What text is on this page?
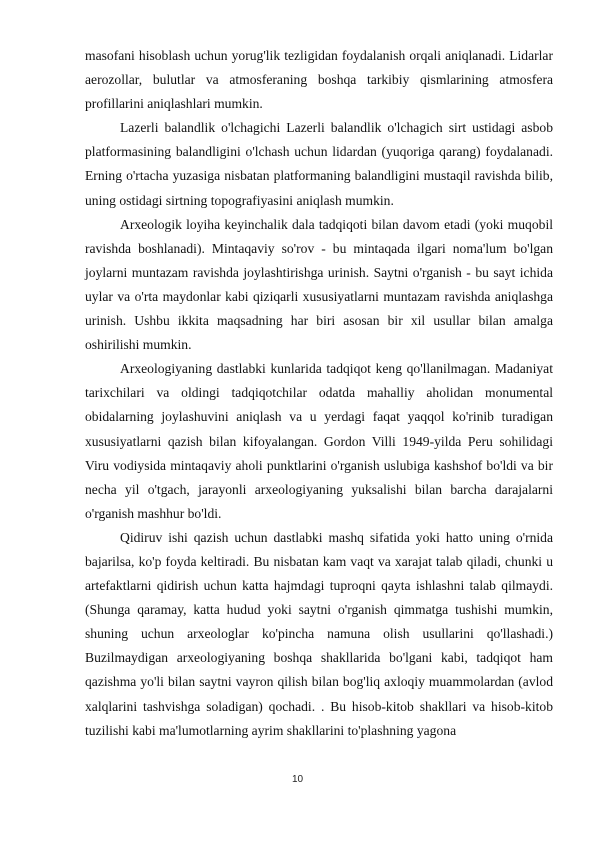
masofani hisoblash uchun yorug'lik tezligidan foydalanish orqali aniqlanadi. Lidarlar aerozollar, bulutlar va atmosferaning boshqa tarkibiy qismlarining atmosfera profillarini aniqlashlari mumkin.

Lazerli balandlik o'lchagichi Lazerli balandlik o'lchagich sirt ustidagi asbob platformasining balandligini o'lchash uchun lidardan (yuqoriga qarang) foydalanadi. Erning o'rtacha yuzasiga nisbatan platformaning balandligini mustaqil ravishda bilib, uning ostidagi sirtning topografiyasini aniqlash mumkin.

Arxeologik loyiha keyinchalik dala tadqiqoti bilan davom etadi (yoki muqobil ravishda boshlanadi). Mintaqaviy so'rov - bu mintaqada ilgari noma'lum bo'lgan joylarni muntazam ravishda joylashtirishga urinish. Saytni o'rganish - bu sayt ichida uylar va o'rta maydonlar kabi qiziqarli xususiyatlarni muntazam ravishda aniqlashga urinish. Ushbu ikkita maqsadning har biri asosan bir xil usullar bilan amalga oshirilishi mumkin.

Arxeologiyaning dastlabki kunlarida tadqiqot keng qo'llanilmagan. Madaniyat tarixchilari va oldingi tadqiqotchilar odatda mahalliy aholidan monumental obidalarning joylashuvini aniqlash va u yerdagi faqat yaqqol ko'rinib turadigan xususiyatlarni qazish bilan kifoyalangan. Gordon Villi 1949-yilda Peru sohilidagi Viru vodiysida mintaqaviy aholi punktlarini o'rganish uslubiga kashshof bo'ldi va bir necha yil o'tgach, jarayonli arxeologiyaning yuksalishi bilan barcha darajalarni o'rganish mashhur bo'ldi.

Qidiruv ishi qazish uchun dastlabki mashq sifatida yoki hatto uning o'rnida bajarilsa, ko'p foyda keltiradi. Bu nisbatan kam vaqt va xarajat talab qiladi, chunki u artefaktlarni qidirish uchun katta hajmdagi tuproqni qayta ishlashni talab qilmaydi. (Shunga qaramay, katta hudud yoki saytni o'rganish qimmatga tushishi mumkin, shuning uchun arxeologlar ko'pincha namuna olish usullarini qo'llashadi.) Buzilmaydigan arxeologiyaning boshqa shakllarida bo'lgani kabi, tadqiqot ham qazishma yo'li bilan saytni vayron qilish bilan bog'liq axloqiy muammolardan (avlod xalqlarini tashvishga soladigan) qochadi. . Bu hisob-kitob shakllari va hisob-kitob tuzilishi kabi ma'lumotlarning ayrim shakllarini to'plashning yagona

10
